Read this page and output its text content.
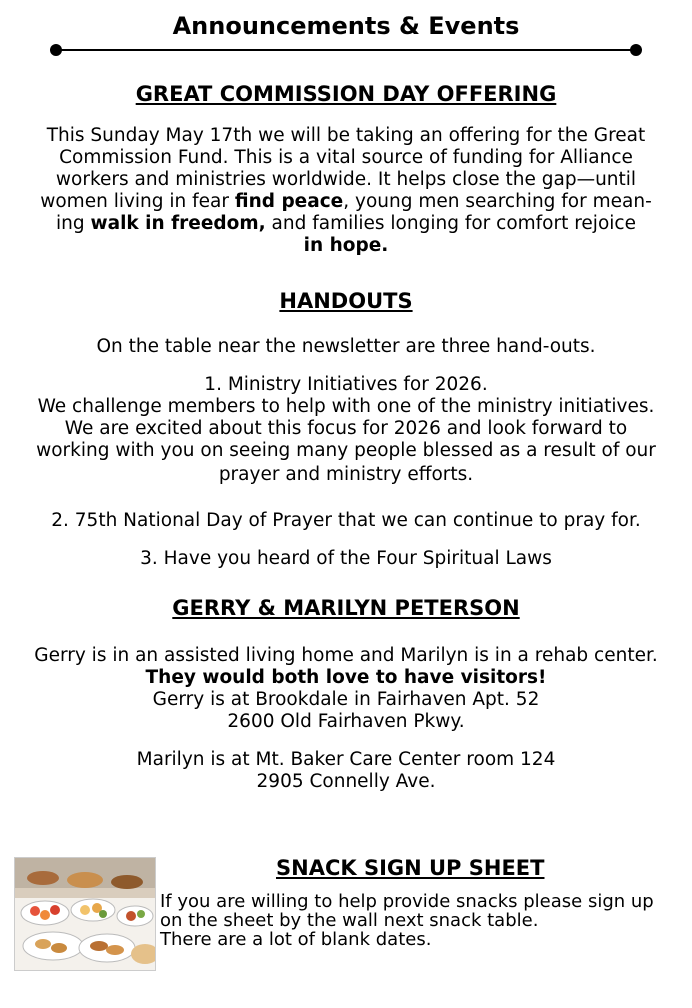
Announcements & Events
GREAT COMMISSION DAY OFFERING

This Sunday May 17th we will be taking an offering for the Great

Commission Fund. This is a vital source of funding for Alliance

workers and ministries worldwide. It helps close the gap—until

women living in fear find peace, young men searching for mean-

ing walk in freedom, and families longing for comfort rejoice

in hope.

HANDOUTS
On the table near the newsletter are three hand-outs.

1. Ministry Initiatives for 2026.

We challenge members to help with one of the ministry initiatives.

We are excited about this focus for 2026 and look forward to

working with you on seeing many people blessed as a result of our

prayer and ministry efforts.

2. 75th National Day of Prayer that we can continue to pray for.
3. Have you heard of the Four Spiritual Laws
GERRY & MARILYN PETERSON

Gerry is in an assisted living home and Marilyn is in a rehab center.

They would both love to have visitors!

Gerry is at Brookdale in Fairhaven Apt. 52

2600 Old Fairhaven Pkwy.

Marilyn is at Mt. Baker Care Center room 124

2905 Connelly Ave.

SNACK SIGN UP SHEET

If you are willing to help provide snacks please sign up

on the sheet by the wall next snack table.

There are a lot of blank dates.
